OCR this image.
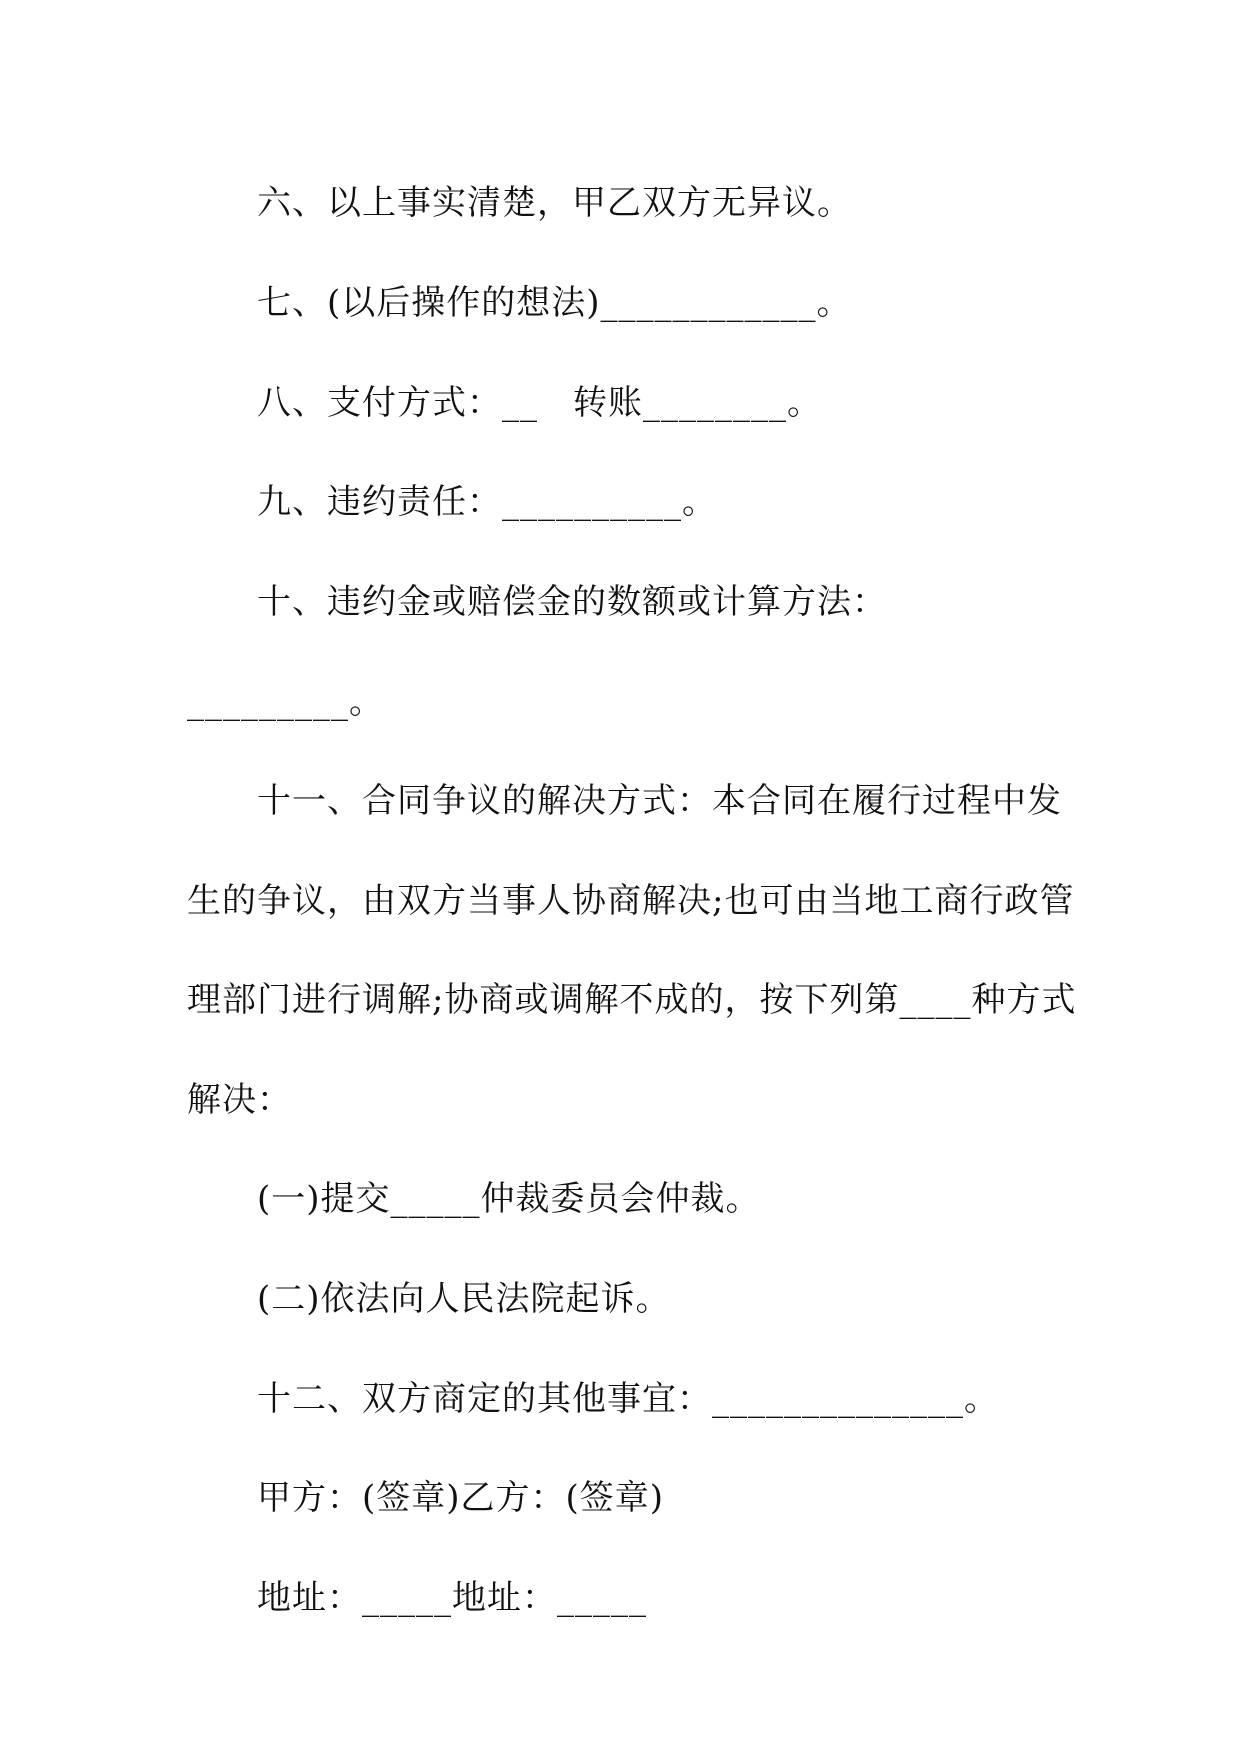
六、以上事实清楚，甲乙双方无异议。
七、(以后操作的想法)____________。
八、支付方式：__　转账________。
九、违约责任：__________。
十、违约金或赔偿金的数额或计算方法：
_________。
十一、合同争议的解决方式：本合同在履行过程中发
生的争议，由双方当事人协商解决;也可由当地工商行政管
理部门进行调解;协商或调解不成的，按下列第____种方式
解决：
(一)提交_____仲裁委员会仲裁。
(二)依法向人民法院起诉。
十二、双方商定的其他事宜：______________。
甲方：(签章)乙方：(签章)
地址：_____地址：_____
